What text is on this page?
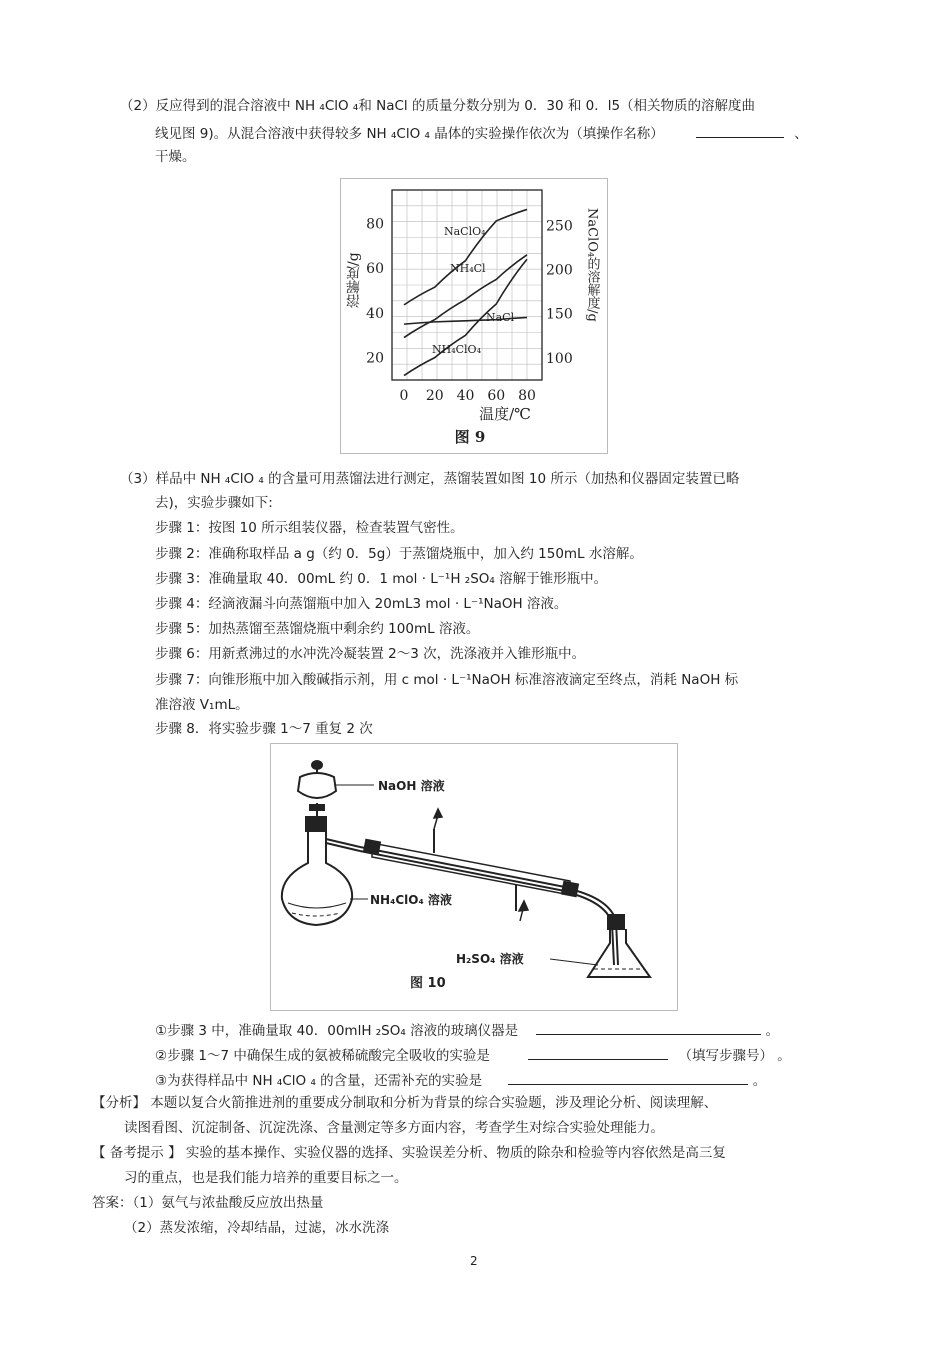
（2）反应得到的混合溶液中 NH ₄ClO ₄和 NaCl 的质量分数分别为 0．30 和 0．l5（相关物质的溶解度曲
线见图 9)。从混合溶液中获得较多 NH ₄ClO ₄ 晶体的实验操作依次为（填操作名称）	、
干燥。
0 20 40 60 80
20
40
60
80
100
150
200
250
NaClO₄
NH₄Cl
NaCl
NH₄ClO₄
溶解度/g	NaClO₄的溶解度/g
温度/℃
图 9
（3）样品中 NH ₄ClO ₄ 的含量可用蒸馏法进行测定，蒸馏装置如图 10 所示（加热和仪器固定装置已略
去)，实验步骤如下:
步骤 1：按图 10 所示组装仪器，检查装置气密性。
步骤 2：准确称取样品 a g（约 0．5g）于蒸馏烧瓶中，加入约 150mL 水溶解。
步骤 3：准确量取 40．00mL 约 0．1 mol · L⁻¹H ₂SO₄ 溶解于锥形瓶中。
步骤 4：经滴液漏斗向蒸馏瓶中加入 20mL3 mol · L⁻¹NaOH 溶液。
步骤 5：加热蒸馏至蒸馏烧瓶中剩余约 100mL 溶液。
步骤 6：用新煮沸过的水冲洗冷凝装置 2～3 次，洗涤液并入锥形瓶中。
步骤 7：向锥形瓶中加入酸碱指示剂，用 c mol · L⁻¹NaOH 标准溶液滴定至终点，消耗 NaOH 标
准溶液 V₁mL。
步骤 8．将实验步骤 1～7 重复 2 次
NaOH 溶液
NH₄ClO₄ 溶液
H₂SO₄ 溶液
图 10
①步骤 3 中，准确量取 40．00mlH ₂SO₄ 溶液的玻璃仪器是	。
②步骤 1～7 中确保生成的氨被稀硫酸完全吸收的实验是	（填写步骤号） 。
③为获得样品中 NH ₄ClO ₄ 的含量，还需补充的实验是	。
【分析】 本题以复合火箭推进剂的重要成分制取和分析为背景的综合实验题，涉及理论分析、阅读理解、
读图看图、沉淀制备、沉淀洗涤、含量测定等多方面内容，考查学生对综合实验处理能力。
【 备考提示 】 实验的基本操作、实验仪器的选择、实验误差分析、物质的除杂和检验等内容依然是高三复
习的重点，也是我们能力培养的重要目标之一。
答案：（1）氨气与浓盐酸反应放出热量
（2）蒸发浓缩，冷却结晶，过滤，冰水洗涤
2
